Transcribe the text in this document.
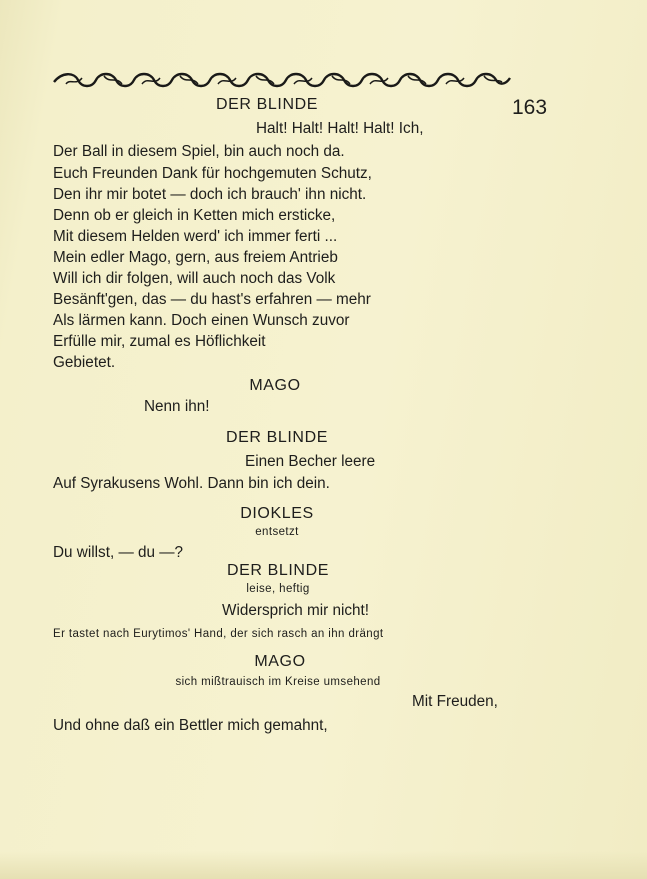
DER BLINDE	163
Halt! Halt! Halt! Halt! Ich,
Der Ball in diesem Spiel, bin auch noch da.
Euch Freunden Dank für hochgemuten Schutz,
Den ihr mir botet — doch ich brauch' ihn nicht.
Denn ob er gleich in Ketten mich ersticke,
Mit diesem Helden werd' ich immer ferti ...
Mein edler Mago, gern, aus freiem Antrieb
Will ich dir folgen, will auch noch das Volk
Besänft'gen, das — du hast's erfahren — mehr
Als lärmen kann. Doch einen Wunsch zuvor
Erfülle mir, zumal es Höflichkeit
Gebietet.
MAGO
Nenn ihn!
DER BLINDE
Einen Becher leere
Auf Syrakusens Wohl. Dann bin ich dein.
DIOKLES
entsetzt
Du willst, — du —?
DER BLINDE
leise, heftig
Widersprich mir nicht!
Er tastet nach Eurytimos' Hand, der sich rasch an ihn drängt
MAGO
sich mißtrauisch im Kreise umsehend
Mit Freuden,
Und ohne daß ein Bettler mich gemahnt,
